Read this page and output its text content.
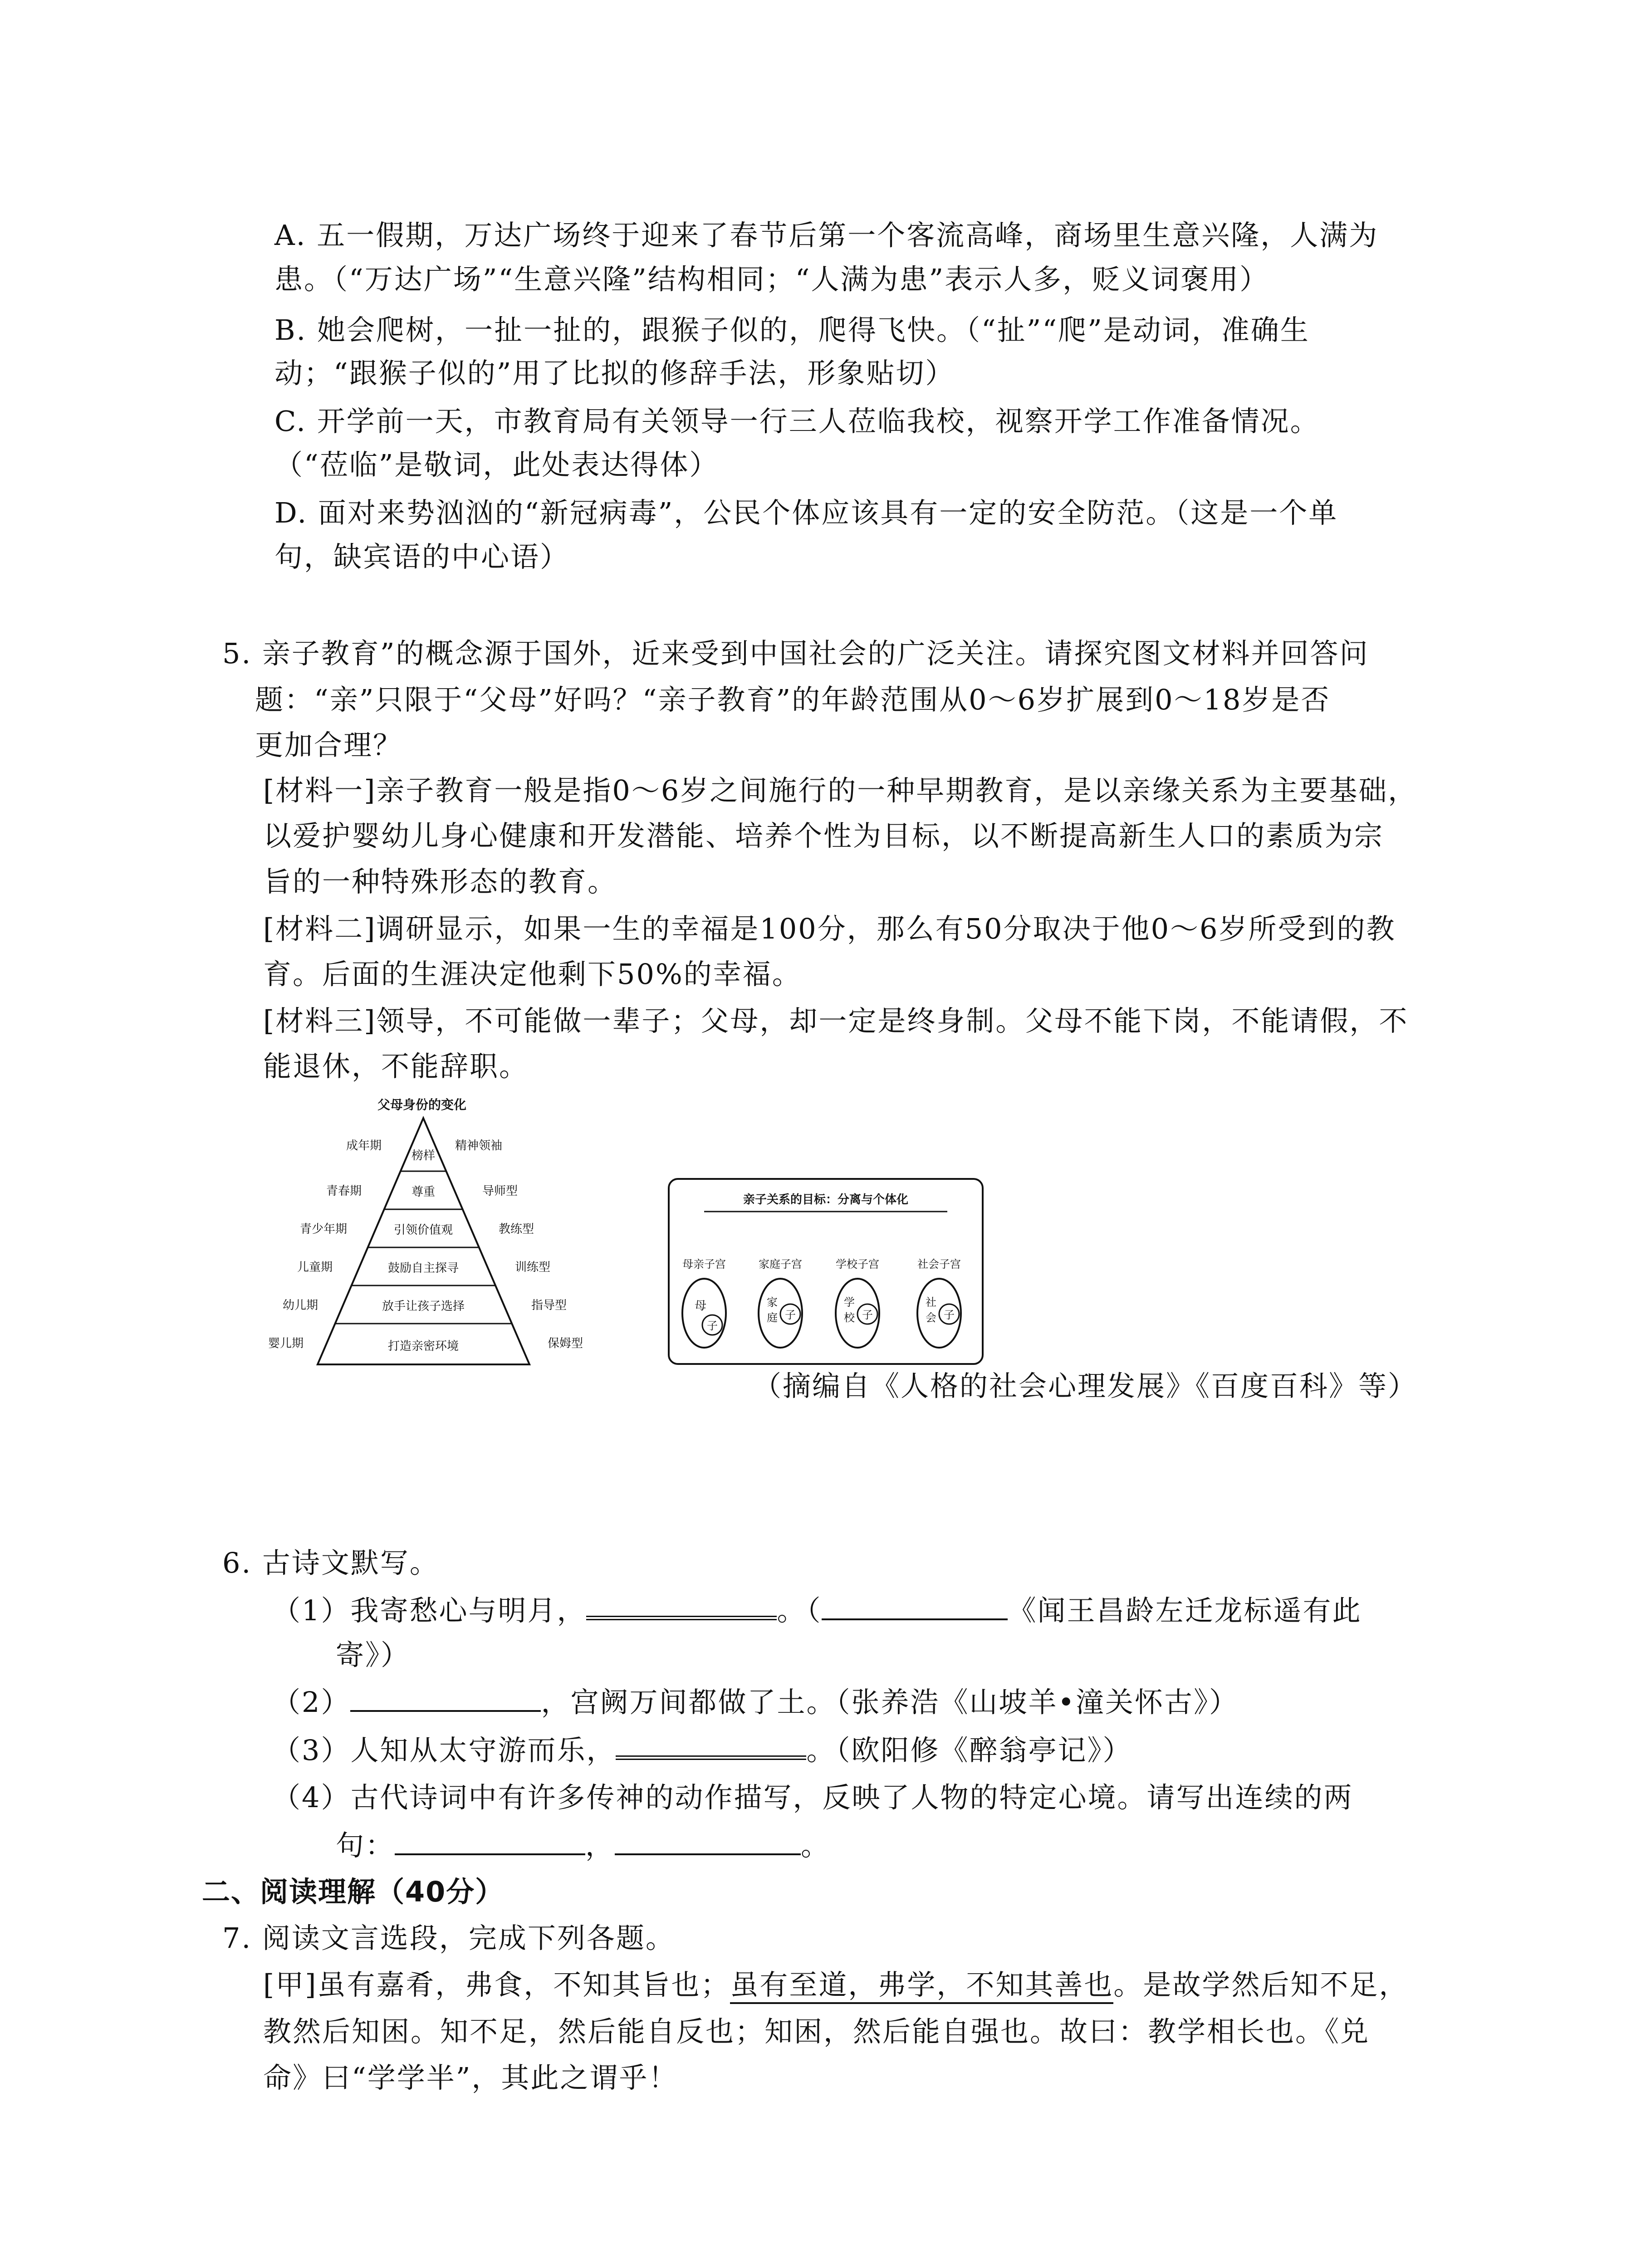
A. 五一假期，万达广场终于迎来了春节后第一个客流高峰，商场里生意兴隆，人满为
患。（“万达广场”“生意兴隆”结构相同；“人满为患”表示人多，贬义词褒用）
B. 她会爬树，一扯一扯的，跟猴子似的，爬得飞快。（“扯”“爬”是动词，准确生
动；“跟猴子似的”用了比拟的修辞手法，形象贴切）
C. 开学前一天，市教育局有关领导一行三人莅临我校，视察开学工作准备情况。
（“莅临”是敬词，此处表达得体）
D. 面对来势汹汹的“新冠病毒”，公民个体应该具有一定的安全防范。（这是一个单
句，缺宾语的中心语）
5. 亲子教育”的概念源于国外，近来受到中国社会的广泛关注。请探究图文材料并回答问
题：“亲”只限于“父母”好吗？“亲子教育”的年龄范围从0～6岁扩展到0～18岁是否
更加合理？
[材料一]亲子教育一般是指0～6岁之间施行的一种早期教育，是以亲缘关系为主要基础，
以爱护婴幼儿身心健康和开发潜能、培养个性为目标，以不断提高新生人口的素质为宗
旨的一种特殊形态的教育。
[材料二]调研显示，如果一生的幸福是100分，那么有50分取决于他0～6岁所受到的教
育。后面的生涯决定他剩下50%的幸福。
[材料三]领导，不可能做一辈子；父母，却一定是终身制。父母不能下岗，不能请假，不
能退休，不能辞职。
父母身份的变化
榜样
尊重
引领价值观
鼓励自主探寻
放手让孩子选择
打造亲密环境
成年期
青春期
青少年期
儿童期
幼儿期
婴儿期
精神领袖
导师型
教练型
训练型
指导型
保姆型
亲子关系的目标：分离与个体化
母亲子宫	家庭子宫	学校子宫	社会子宫
母
子
家
庭 子
学
校 子
社
会 子
（摘编自《人格的社会心理发展》《百度百科》等）
6. 古诗文默写。
（1）我寄愁心与明月，	。（	《闻王昌龄左迁龙标遥有此
寄》）
（2）	，宫阙万间都做了土。（张养浩《山坡羊•潼关怀古》）
（3）人知从太守游而乐，	。（欧阳修《醉翁亭记》）
（4）古代诗词中有许多传神的动作描写，反映了人物的特定心境。请写出连续的两
句：	，	。
二、阅读理解（40分）
7. 阅读文言选段，完成下列各题。
[甲]虽有嘉肴，弗食，不知其旨也；虽有至道，弗学，不知其善也。是故学然后知不足，
教然后知困。知不足，然后能自反也；知困，然后能自强也。故曰：教学相长也。《兑
命》曰“学学半”，其此之谓乎！
